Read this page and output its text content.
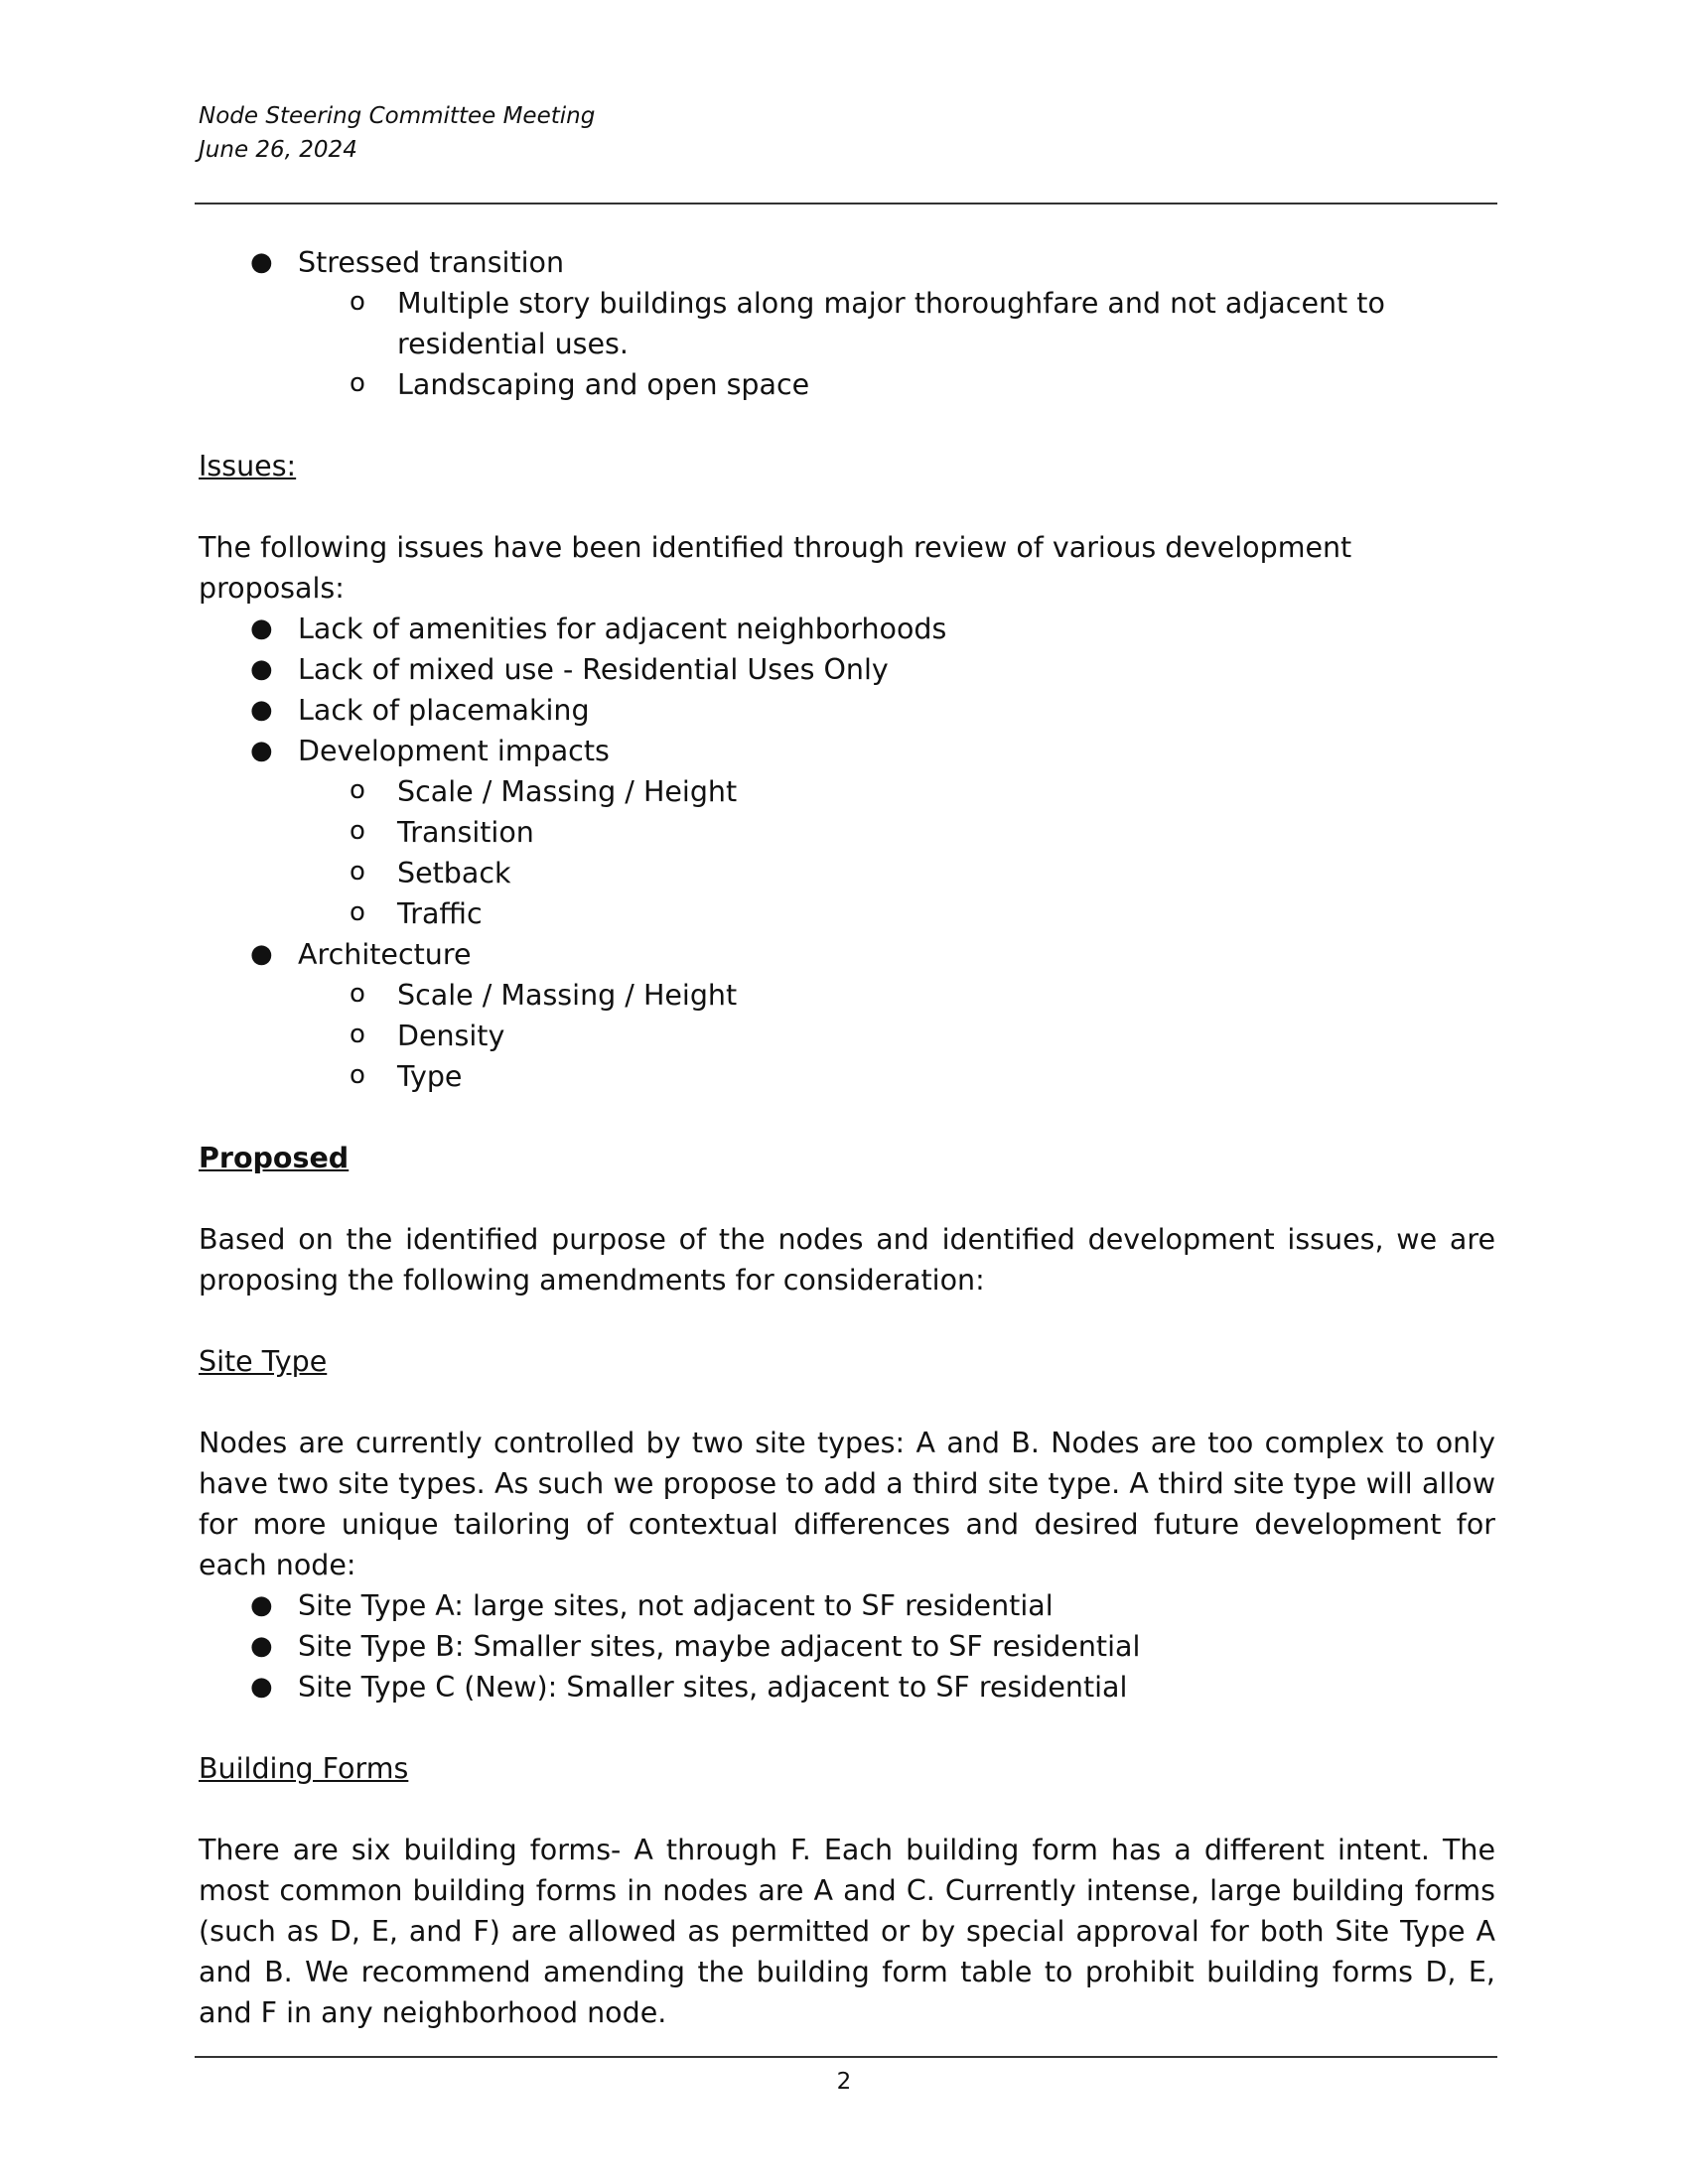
Node Steering Committee Meeting
June 26, 2024
● Stressed transition
o Multiple story buildings along major thoroughfare and not adjacent to residential uses.
o Landscaping and open space

Issues:

The following issues have been identified through review of various development proposals:

● Lack of amenities for adjacent neighborhoods
● Lack of mixed use - Residential Uses Only
● Lack of placemaking
● Development impacts
o Scale / Massing / Height
o Transition
o Setback
o Traffic
● Architecture
o Scale / Massing / Height
o Density
o Type

Proposed

Based on the identified purpose of the nodes and identified development issues, we are proposing the following amendments for consideration:

Site Type

Nodes are currently controlled by two site types: A and B. Nodes are too complex to only have two site types. As such we propose to add a third site type. A third site type will allow for more unique tailoring of contextual differences and desired future development for each node:

● Site Type A: large sites, not adjacent to SF residential
● Site Type B: Smaller sites, maybe adjacent to SF residential
● Site Type C (New): Smaller sites, adjacent to SF residential

Building Forms

There are six building forms- A through F. Each building form has a different intent. The most common building forms in nodes are A and C. Currently intense, large building forms (such as D, E, and F) are allowed as permitted or by special approval for both Site Type A and B. We recommend amending the building form table to prohibit building forms D, E, and F in any neighborhood node.

2
